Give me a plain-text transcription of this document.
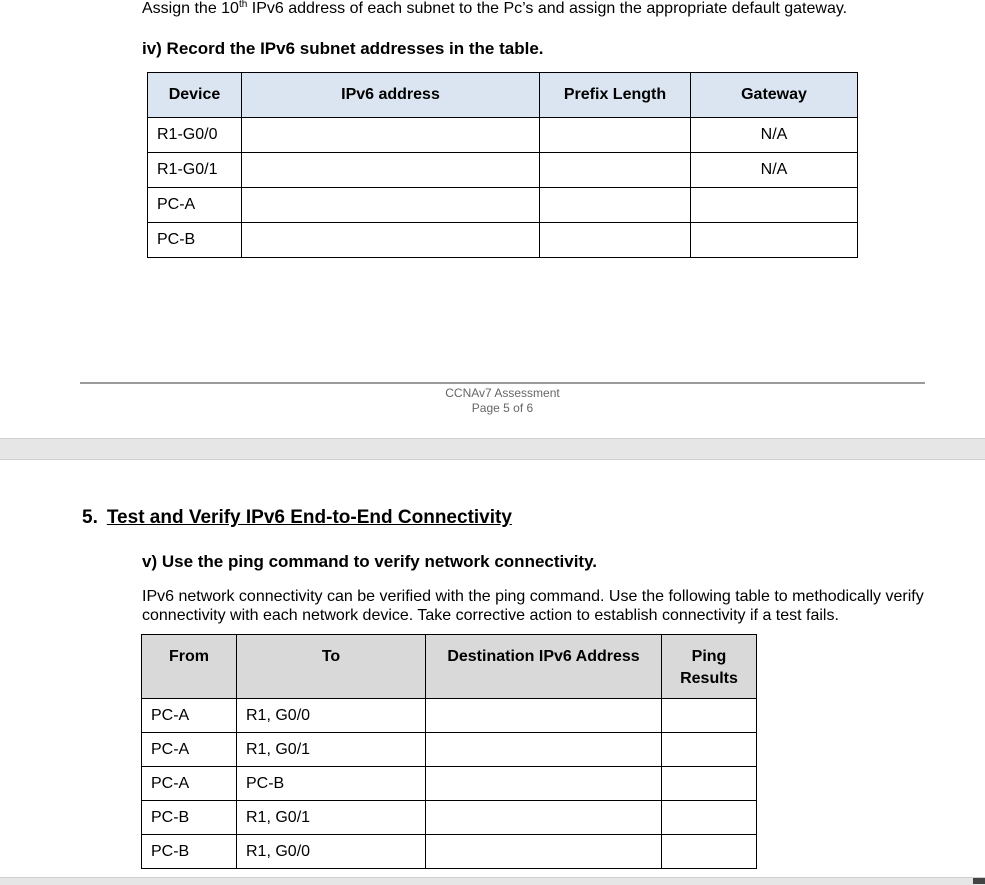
Assign the 10th IPv6 address of each subnet to the Pc’s and assign the appropriate default gateway.
iv) Record the IPv6 subnet addresses in the table.
Device	IPv6 address	Prefix Length	Gateway
R1-G0/0			N/A
R1-G0/1			N/A
PC-A			
PC-B			
CCNAv7 Assessment
Page 5 of 6
5. Test and Verify IPv6 End-to-End Connectivity
v) Use the ping command to verify network connectivity.
IPv6 network connectivity can be verified with the ping command. Use the following table to methodically verify connectivity with each network device. Take corrective action to establish connectivity if a test fails.
From	To	Destination IPv6 Address	Ping Results
PC-A	R1, G0/0		
PC-A	R1, G0/1		
PC-A	PC-B		
PC-B	R1, G0/1		
PC-B	R1, G0/0		
